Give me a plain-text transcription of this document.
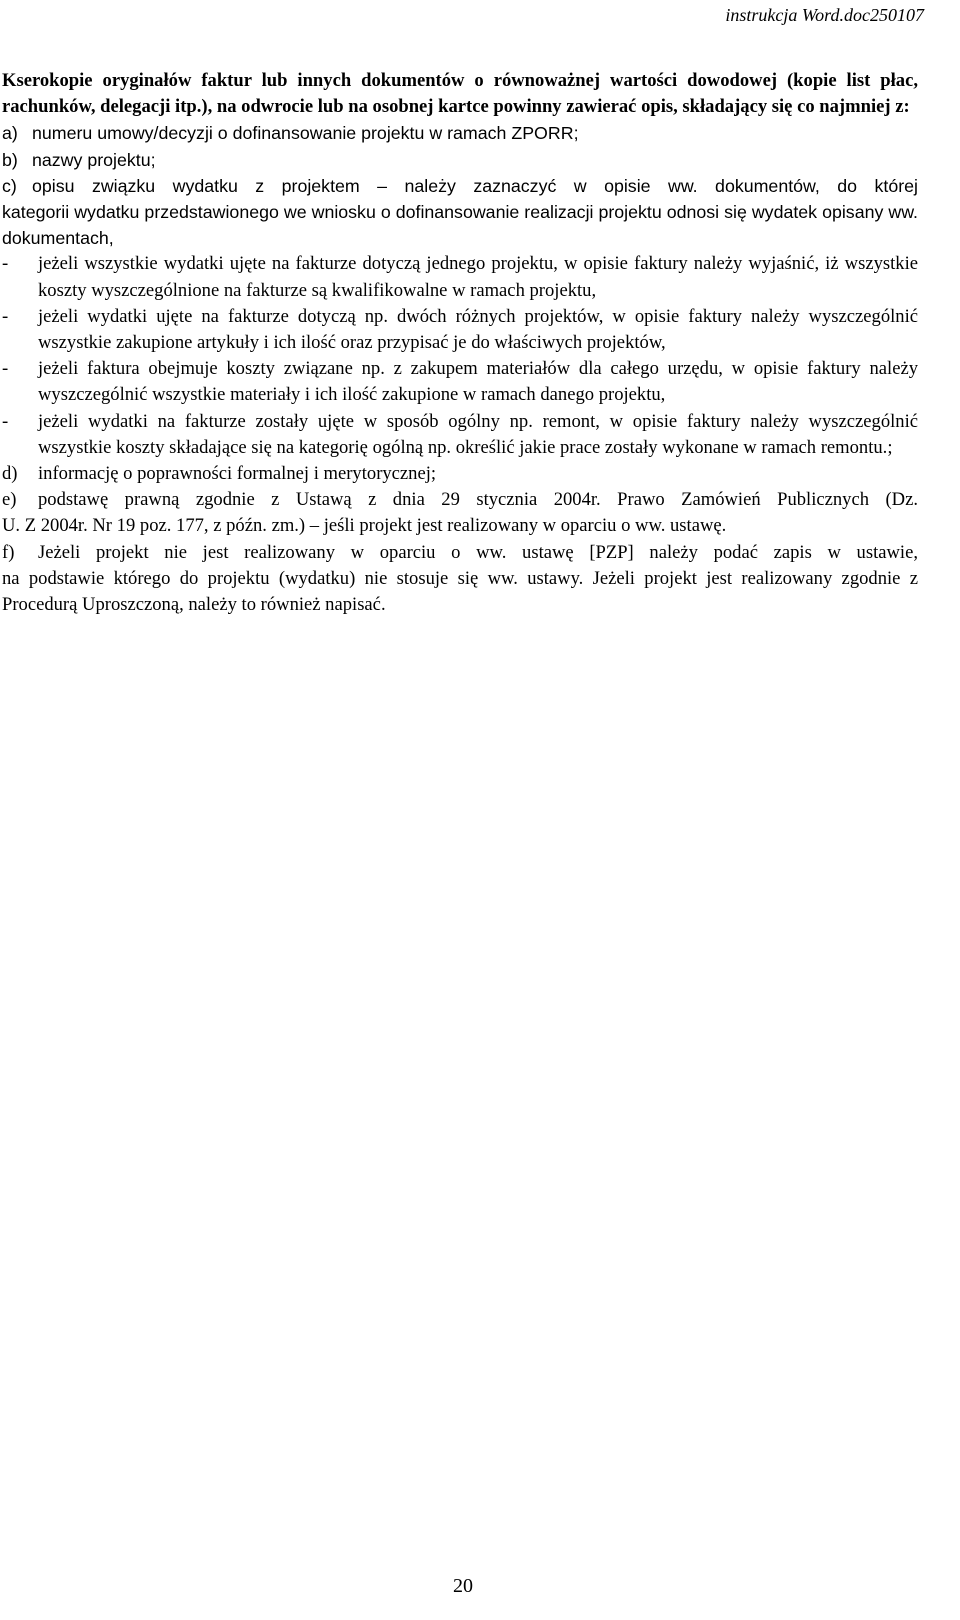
instrukcja Word.doc250107

Kserokopie oryginałów faktur lub innych dokumentów o równoważnej wartości dowodowej (kopie list płac, rachunków, delegacji itp.), na odwrocie lub na osobnej kartce powinny zawierać opis, składający się co najmniej z:

a) numeru umowy/decyzji o dofinansowanie projektu w ramach ZPORR;
b) nazwy projektu;
c) opisu związku wydatku z projektem – należy zaznaczyć w opisie ww. dokumentów, do której

kategorii wydatku przedstawionego we wniosku o dofinansowanie realizacji projektu odnosi się wydatek opisany ww. dokumentach,

-	jeżeli wszystkie wydatki ujęte na fakturze dotyczą jednego projektu, w opisie faktury należy wyjaśnić, iż wszystkie koszty wyszczególnione na fakturze są kwalifikowalne w ramach projektu,
-	jeżeli wydatki ujęte na fakturze dotyczą np. dwóch różnych projektów, w opisie faktury należy wyszczególnić wszystkie zakupione artykuły i ich ilość oraz przypisać je do właściwych projektów,
-	jeżeli faktura obejmuje koszty związane np. z zakupem materiałów dla całego urzędu, w opisie faktury należy wyszczególnić wszystkie materiały i ich ilość zakupione w ramach danego projektu,
-	jeżeli wydatki na fakturze zostały ujęte w sposób ogólny np. remont, w opisie faktury należy wyszczególnić wszystkie koszty składające się na kategorię ogólną np. określić jakie prace zostały wykonane w ramach remontu.;
d)	informację o poprawności formalnej i merytorycznej;
e)	podstawę prawną zgodnie z Ustawą z dnia 29 stycznia 2004r. Prawo Zamówień Publicznych (Dz.

U. Z 2004r. Nr 19 poz. 177, z późn. zm.) – jeśli projekt jest realizowany w oparciu o ww. ustawę.

f)	Jeżeli projekt nie jest realizowany w oparciu o ww. ustawę [PZP] należy podać zapis w ustawie,

na podstawie którego do projektu (wydatku) nie stosuje się ww. ustawy. Jeżeli projekt jest realizowany zgodnie z Procedurą Uproszczoną, należy to również napisać.

20
